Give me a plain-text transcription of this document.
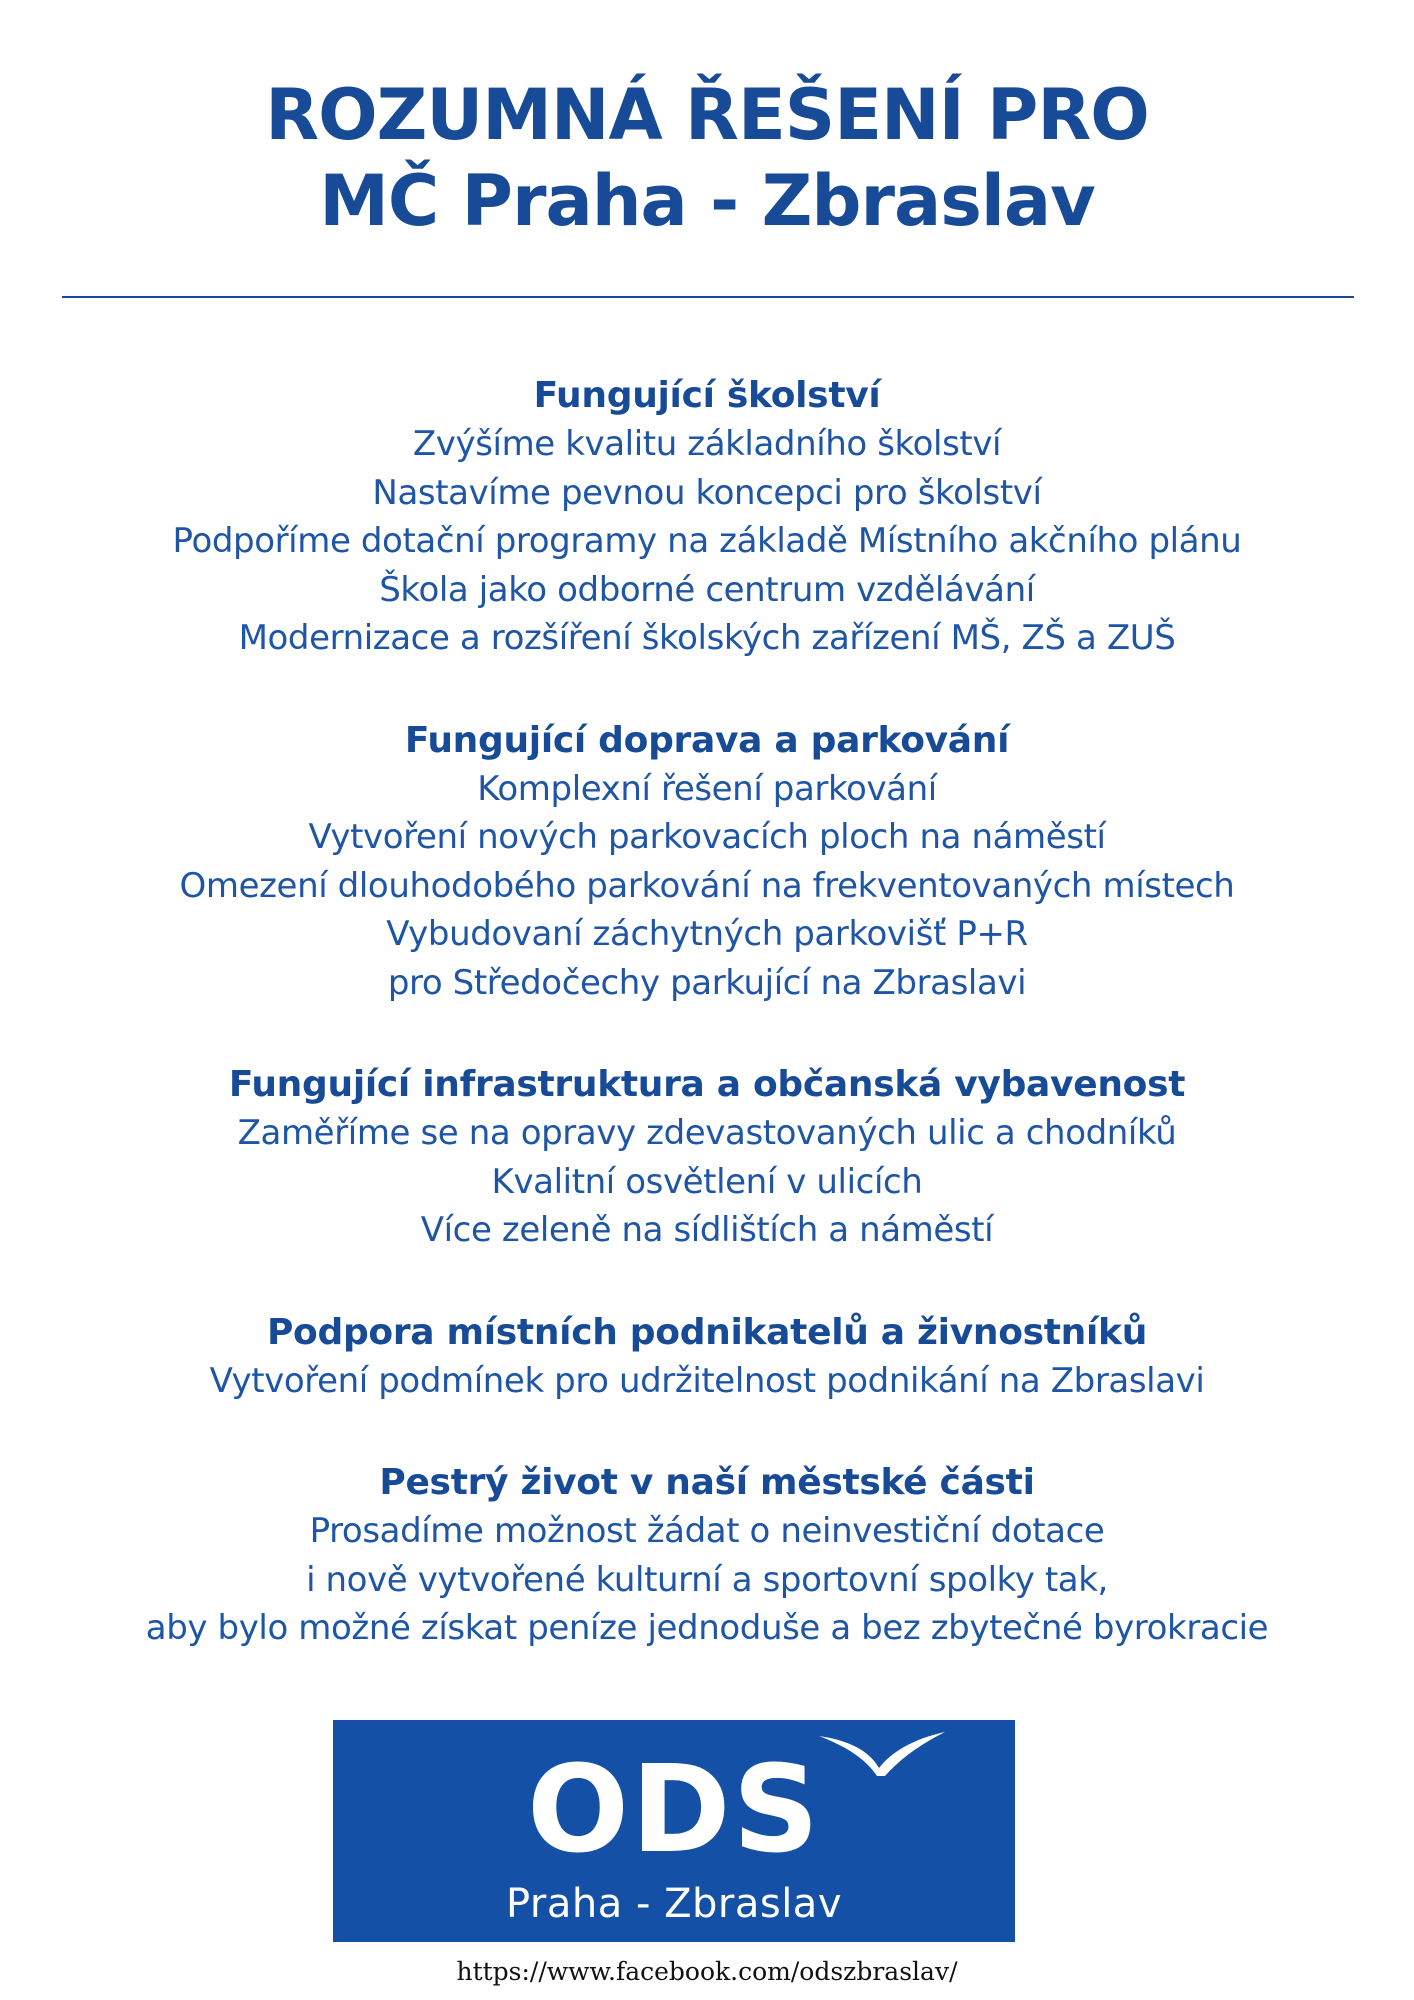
ROZUMNÁ ŘEŠENÍ PRO
MČ Praha - Zbraslav
Fungující školství
Zvýšíme kvalitu základního školství
Nastavíme pevnou koncepci pro školství
Podpoříme dotační programy na základě Místního akčního plánu
Škola jako odborné centrum vzdělávání
Modernizace a rozšíření školských zařízení MŠ, ZŠ a ZUŠ
Fungující doprava a parkování
Komplexní řešení parkování
Vytvoření nových parkovacích ploch na náměstí
Omezení dlouhodobého parkování na frekventovaných místech
Vybudovaní záchytných parkovišť P+R
pro Středočechy parkující na Zbraslavi
Fungující infrastruktura a občanská vybavenost
Zaměříme se na opravy zdevastovaných ulic a chodníků
Kvalitní osvětlení v ulicích
Více zeleně na sídlištích a náměstí
Podpora místních podnikatelů a živnostníků
Vytvoření podmínek pro udržitelnost podnikání na Zbraslavi
Pestrý život v naší městské části
Prosadíme možnost žádat o neinvestiční dotace
i nově vytvořené kulturní a sportovní spolky tak,
aby bylo možné získat peníze jednoduše a bez zbytečné byrokracie
ODS
Praha - Zbraslav
https://www.facebook.com/odszbraslav/
